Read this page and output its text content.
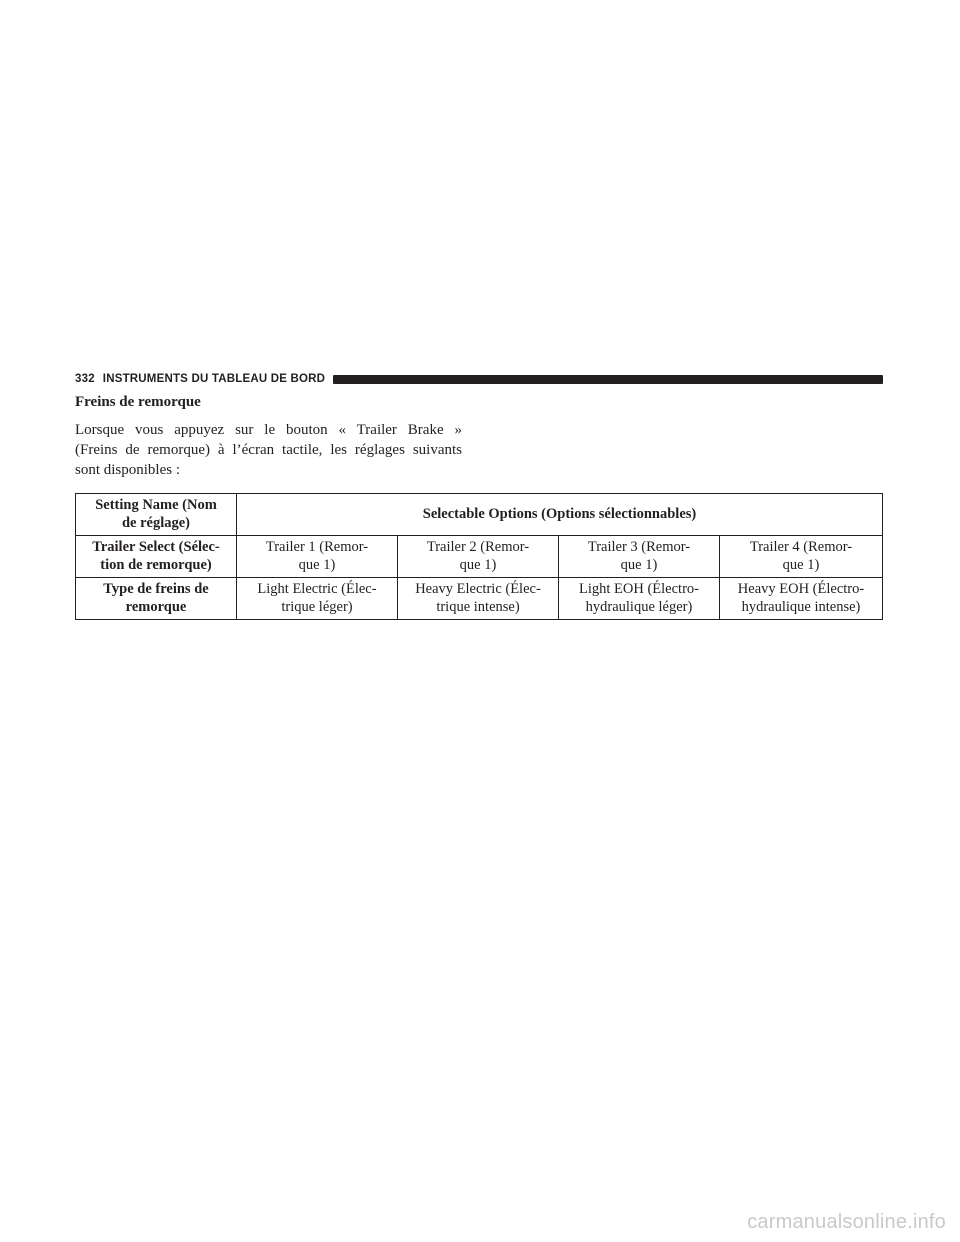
332 INSTRUMENTS DU TABLEAU DE BORD
Freins de remorque

Lorsque vous appuyez sur le bouton « Trailer Brake »
(Freins de remorque) à l’écran tactile, les réglages suivants
sont disponibles :

Setting Name (Nom
de réglage)	Selectable Options (Options sélectionnables)			
Trailer Select (Sélec-
tion de remorque)	Trailer 1 (Remor-
que 1)	Trailer 2 (Remor-
que 1)	Trailer 3 (Remor-
que 1)	Trailer 4 (Remor-
que 1)
Type de freins de
remorque	Light Electric (Élec-
trique léger)	Heavy Electric (Élec-
trique intense)	Light EOH (Électro-
hydraulique léger)	Heavy EOH (Électro-
hydraulique intense)
carmanualsonline.info
